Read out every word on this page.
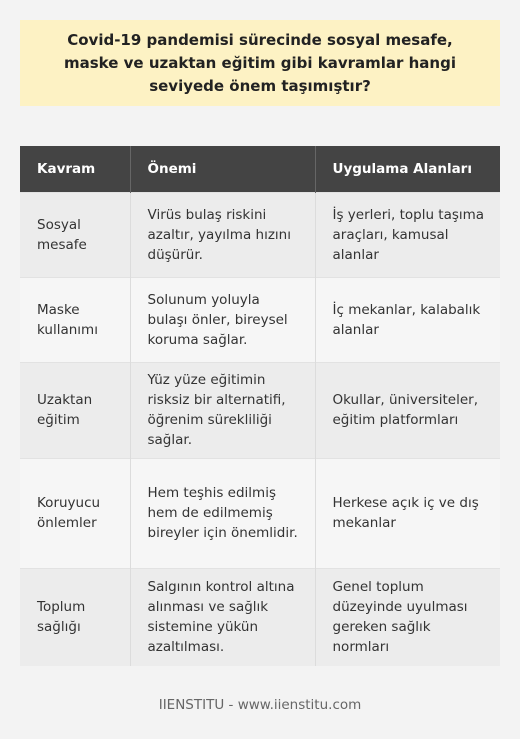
Covid-19 pandemisi sürecinde sosyal mesafe, maske ve uzaktan eğitim gibi kavramlar hangi seviyede önem taşımıştır?
Kavram	Önemi	Uygulama Alanları
Sosyal mesafe	Virüs bulaş riskini azaltır, yayılma hızını düşürür.	İş yerleri, toplu taşıma araçları, kamusal alanlar
Maske kullanımı	Solunum yoluyla bulaşı önler, bireysel koruma sağlar.	İç mekanlar, kalabalık alanlar
Uzaktan eğitim	Yüz yüze eğitimin risksiz bir alternatifi, öğrenim sürekliliği sağlar.	Okullar, üniversiteler, eğitim platformları
Koruyucu önlemler	Hem teşhis edilmiş hem de edilmemiş bireyler için önemlidir.	Herkese açık iç ve dış mekanlar
Toplum sağlığı	Salgının kontrol altına alınması ve sağlık sistemine yükün azaltılması.	Genel toplum düzeyinde uyulması gereken sağlık normları
IIENSTITU - www.iienstitu.com
